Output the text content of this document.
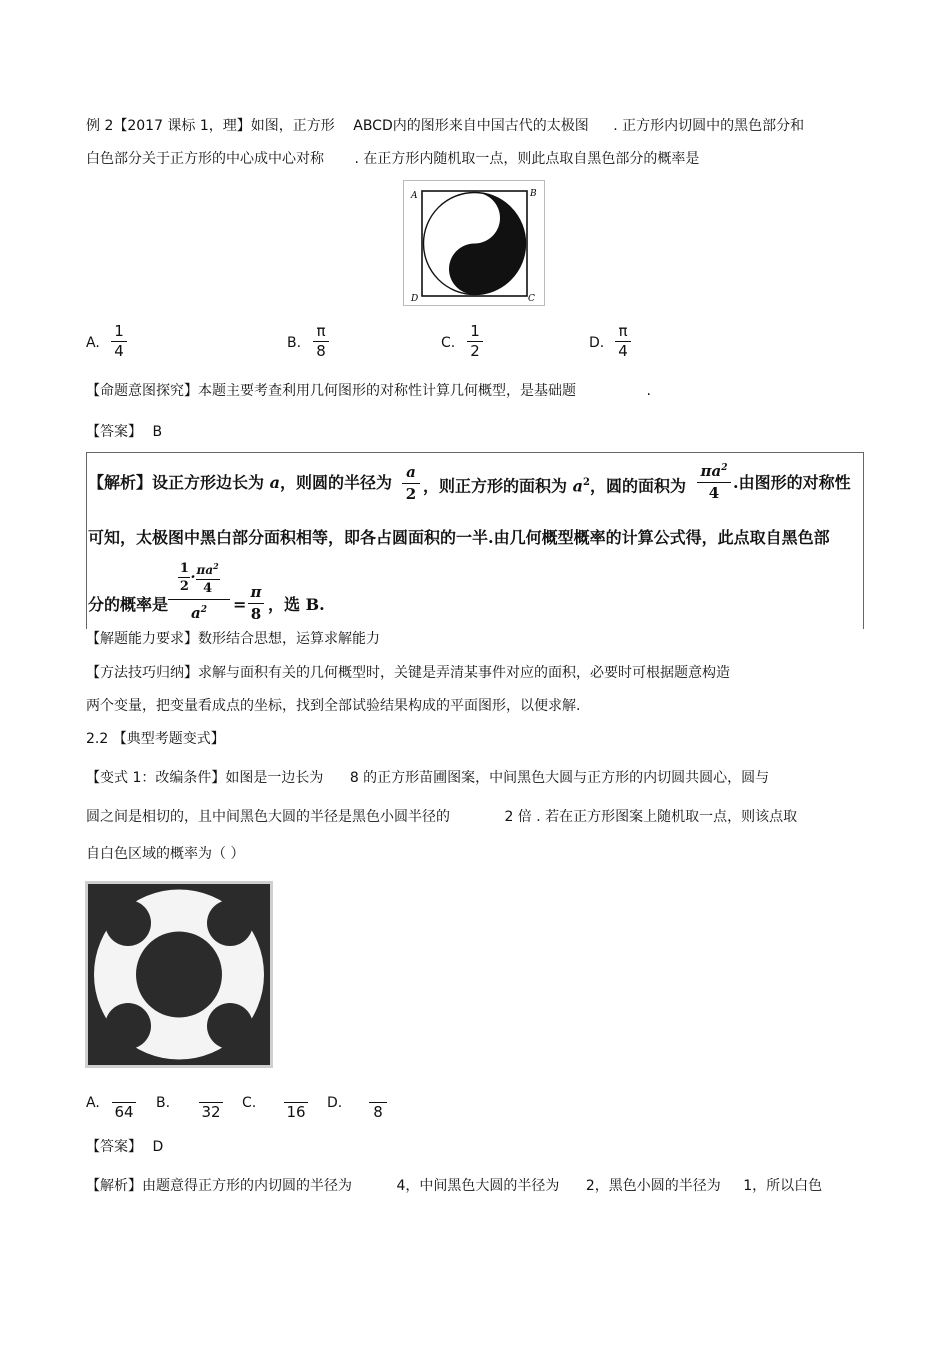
例 2【2017 课标 1，理】如图，正方形 ABCD内的图形来自中国古代的太极图 . 正方形内切圆中的黑色部分和
白色部分关于正方形的中心成中心对称 . 在正方形内随机取一点，则此点取自黑色部分的概率是
A	B
C
D
A.
1
4	B.
π
8	C.
1
2	D.
π
4
【命题意图探究】本题主要考查利用几何图形的对称性计算几何概型，是基础题	.
【答案】 B
【解析】设正方形边长为 a，则圆的半径为
a
2 ，则正方形的面积为 $a^2$，圆的面积为
$\pi a^2$
4
.由图形的对称性
可知，太极图中黑白部分面积相等，即各占圆面积的一半.由几何概型概率的计算公式得，此点取自黑色部
分的概率是
$\frac{1}{2} \cdot \frac{\pi a^2}{4}$
$a^2$	=
π
8 ，选 B.
【解题能力要求】数形结合思想，运算求解能力
【方法技巧归纳】求解与面积有关的几何概型时，关键是弄清某事件对应的面积，必要时可根据题意构造
两个变量，把变量看成点的坐标，找到全部试验结果构成的平面图形，以便求解.
2.2 【典型考题变式】
【变式 1：改编条件】如图是一边长为 8 的正方形苗圃图案，中间黑色大圆与正方形的内切圆共圆心，圆与
圆之间是相切的，且中间黑色大圆的半径是黑色小圆半径的	2 倍 . 若在正方形图案上随机取一点，则该点取
自白色区域的概率为（ ）
A. 64 B. 32 C. 16 D. 8
【答案】 D
【解析】由题意得正方形的内切圆的半径为	4，中间黑色大圆的半径为 2，黑色小圆的半径为 1，所以白色
